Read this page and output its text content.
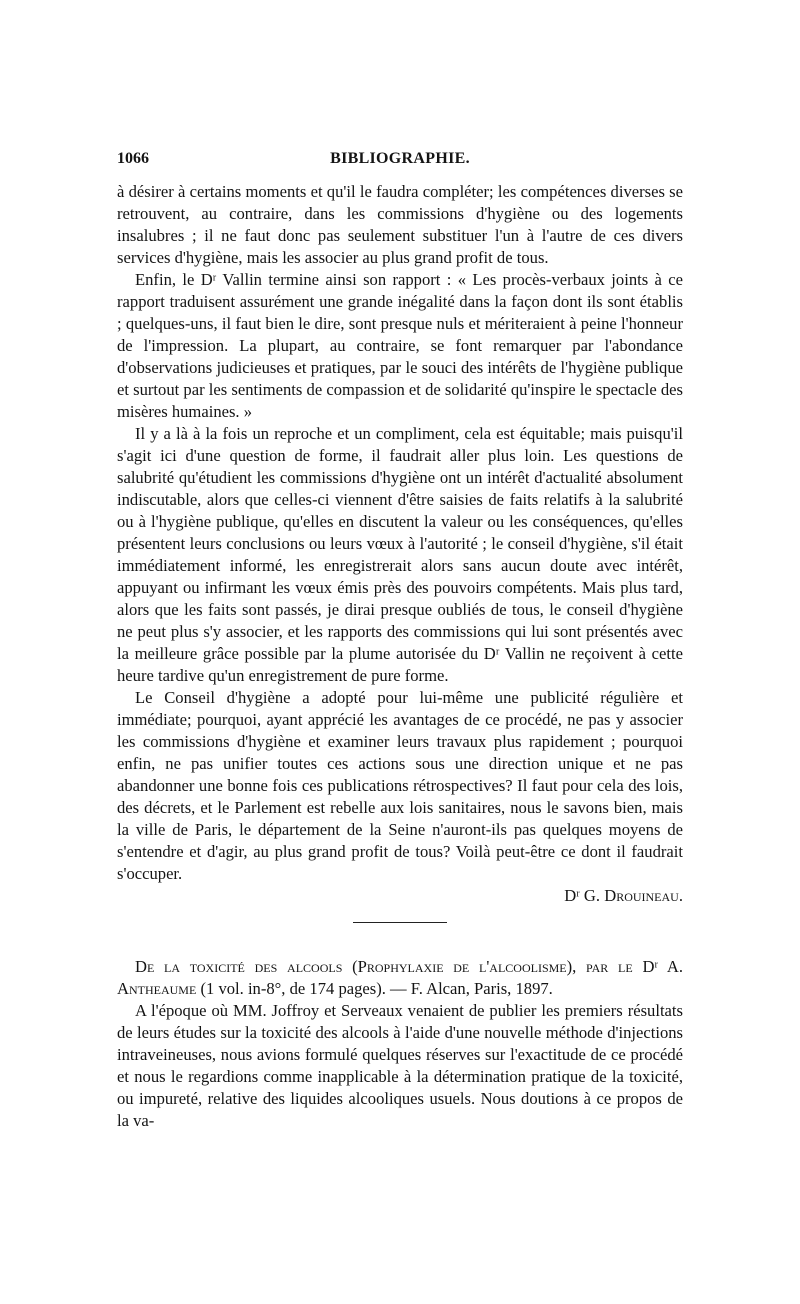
1066	BIBLIOGRAPHIE.

à désirer à certains moments et qu'il le faudra compléter; les compétences diverses se retrouvent, au contraire, dans les commissions d'hygiène ou des logements insalubres ; il ne faut donc pas seulement substituer l'un à l'autre de ces divers services d'hygiène, mais les associer au plus grand profit de tous.

Enfin, le Dʳ Vallin termine ainsi son rapport : « Les procès-verbaux joints à ce rapport traduisent assurément une grande inégalité dans la façon dont ils sont établis ; quelques-uns, il faut bien le dire, sont presque nuls et mériteraient à peine l'honneur de l'impression. La plupart, au contraire, se font remarquer par l'abondance d'observations judicieuses et pratiques, par le souci des intérêts de l'hygiène publique et surtout par les sentiments de compassion et de solidarité qu'inspire le spectacle des misères humaines. »

Il y a là à la fois un reproche et un compliment, cela est équitable; mais puisqu'il s'agit ici d'une question de forme, il faudrait aller plus loin. Les questions de salubrité qu'étudient les commissions d'hygiène ont un intérêt d'actualité absolument indiscutable, alors que celles-ci viennent d'être saisies de faits relatifs à la salubrité ou à l'hygiène publique, qu'elles en discutent la valeur ou les conséquences, qu'elles présentent leurs conclusions ou leurs vœux à l'autorité ; le conseil d'hygiène, s'il était immédiatement informé, les enregistrerait alors sans aucun doute avec intérêt, appuyant ou infirmant les vœux émis près des pouvoirs compétents. Mais plus tard, alors que les faits sont passés, je dirai presque oubliés de tous, le conseil d'hygiène ne peut plus s'y associer, et les rapports des commissions qui lui sont présentés avec la meilleure grâce possible par la plume autorisée du Dʳ Vallin ne reçoivent à cette heure tardive qu'un enregistrement de pure forme.

Le Conseil d'hygiène a adopté pour lui-même une publicité régulière et immédiate; pourquoi, ayant apprécié les avantages de ce procédé, ne pas y associer les commissions d'hygiène et examiner leurs travaux plus rapidement ; pourquoi enfin, ne pas unifier toutes ces actions sous une direction unique et ne pas abandonner une bonne fois ces publications rétrospectives? Il faut pour cela des lois, des décrets, et le Parlement est rebelle aux lois sanitaires, nous le savons bien, mais la ville de Paris, le département de la Seine n'auront-ils pas quelques moyens de s'entendre et d'agir, au plus grand profit de tous? Voilà peut-être ce dont il faudrait s'occuper.

Dʳ G. Drouineau.

De la toxicité des alcools (Prophylaxie de l'alcoolisme), par le Dʳ A. Antheaume (1 vol. in-8°, de 174 pages). — F. Alcan, Paris, 1897.

A l'époque où MM. Joffroy et Serveaux venaient de publier les premiers résultats de leurs études sur la toxicité des alcools à l'aide d'une nouvelle méthode d'injections intraveineuses, nous avions formulé quelques réserves sur l'exactitude de ce procédé et nous le regardions comme inapplicable à la détermination pratique de la toxicité, ou impureté, relative des liquides alcooliques usuels. Nous doutions à ce propos de la va-
